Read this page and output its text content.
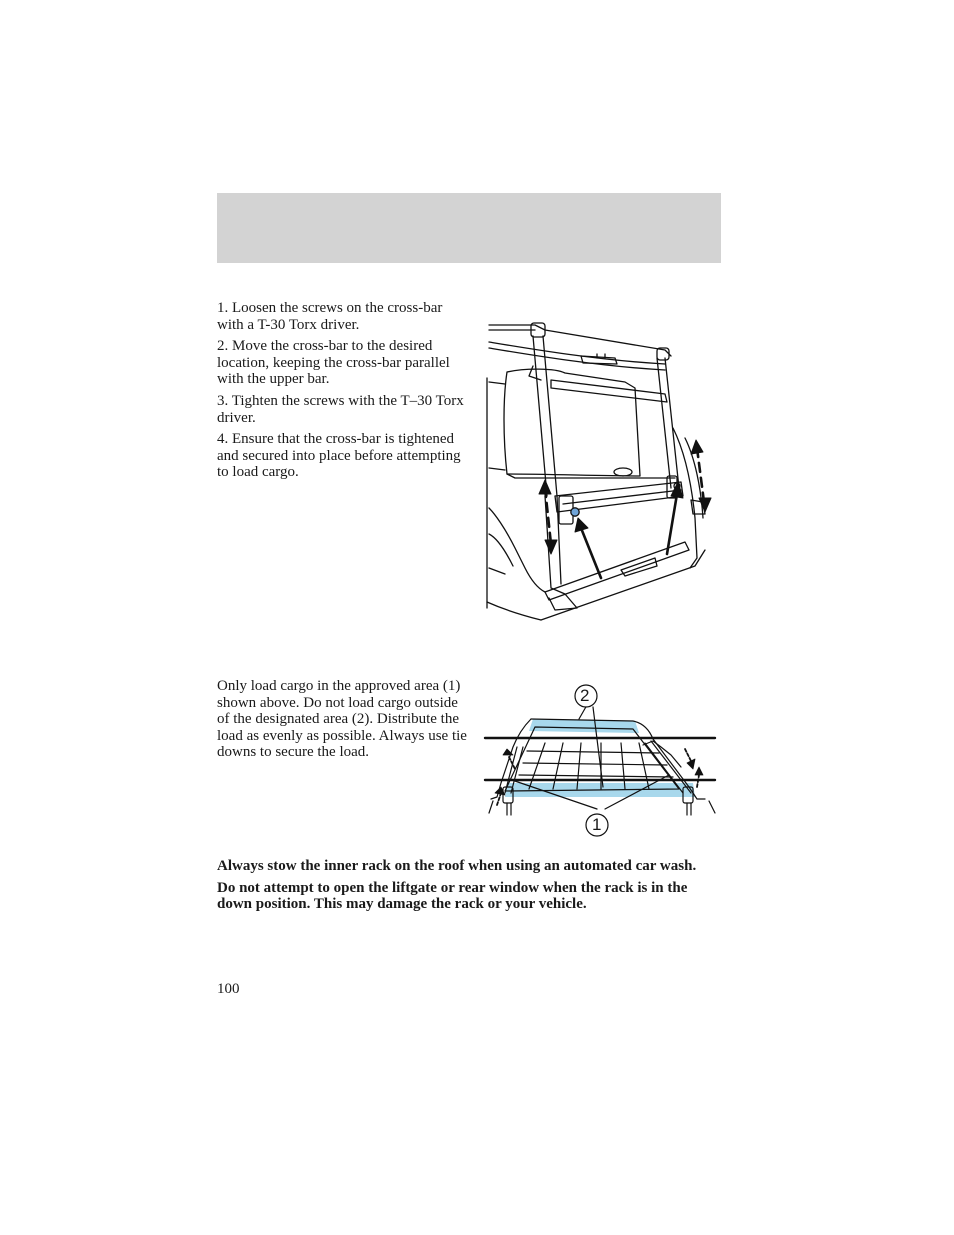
1. Loosen the screws on the cross-bar with a T-30 Torx driver.

2. Move the cross-bar to the desired location, keeping the cross-bar parallel with the upper bar.

3. Tighten the screws with the T–30 Torx driver.

4. Ensure that the cross-bar is tightened and secured into place before attempting to load cargo.

Only load cargo in the approved area (1) shown above. Do not load cargo outside of the designated area (2). Distribute the load as evenly as possible. Always use tie downs to secure the load.

2
1

Always stow the inner rack on the roof when using an automated car wash.

Do not attempt to open the liftgate or rear window when the rack is in the down position. This may damage the rack or your vehicle.

100
